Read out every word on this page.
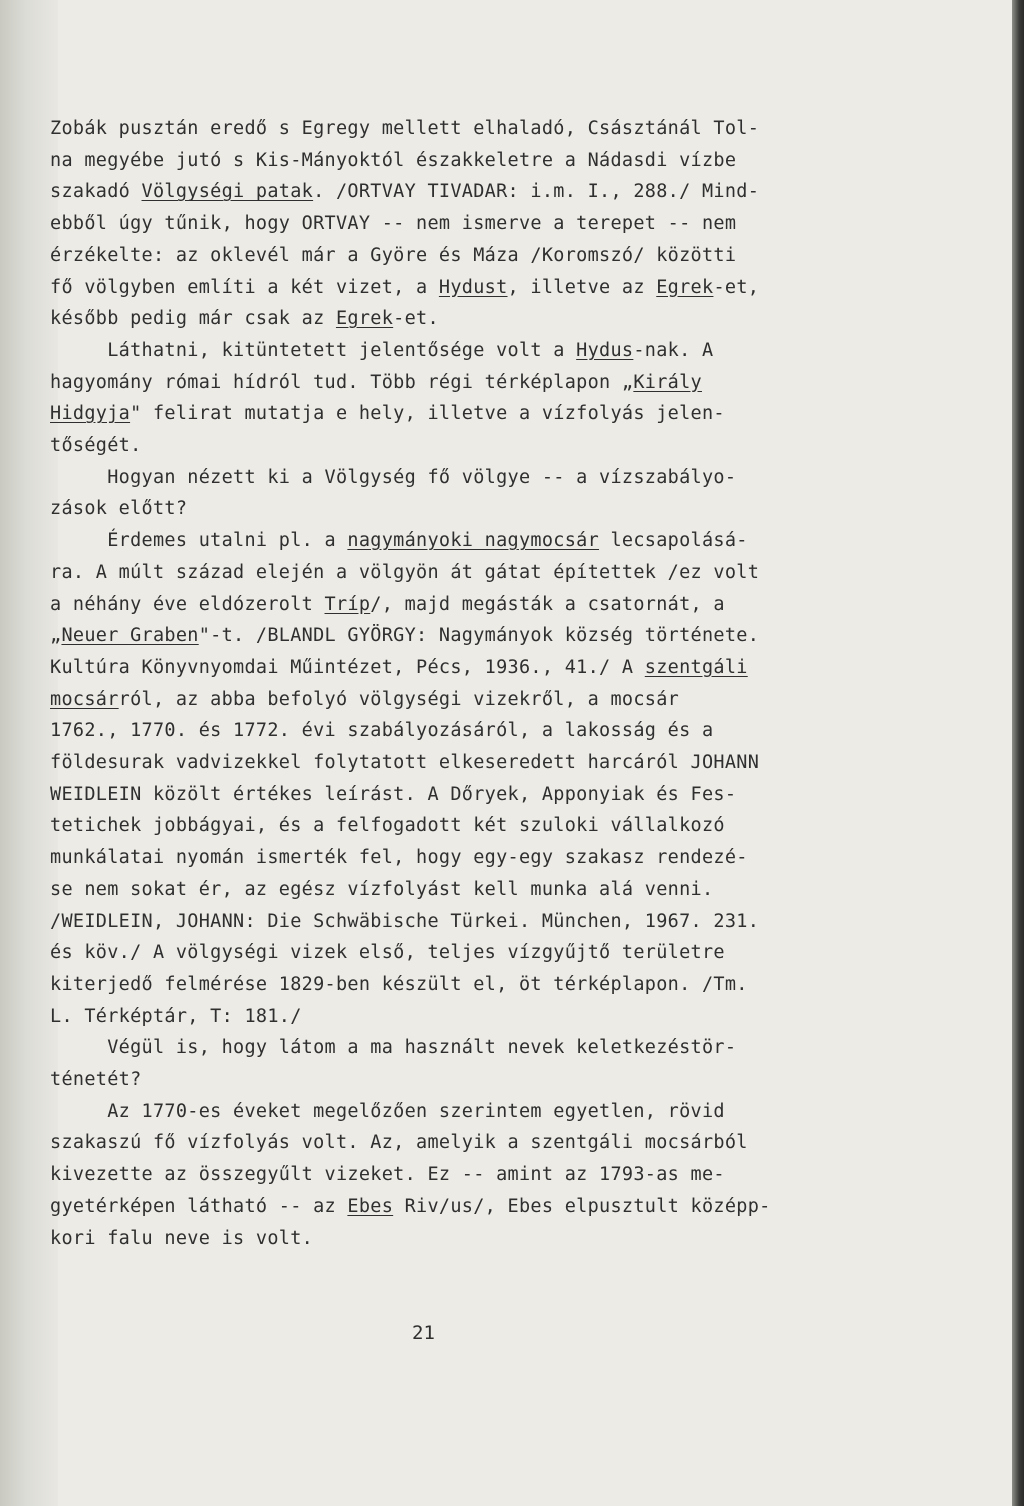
Zobák pusztán eredő s Egregy mellett elhaladó, Császtánál Tol-
na megyébe jutó s Kis-Mányoktól északkeletre a Nádasdi vízbe
szakadó Völgységi patak. /ORTVAY TIVADAR: i.m. I., 288./ Mind-
ebből úgy tűnik, hogy ORTVAY -- nem ismerve a terepet -- nem
érzékelte: az oklevél már a Györe és Máza /Koromszó/ közötti
fő völgyben említi a két vizet, a Hydust, illetve az Egrek-et,
később pedig már csak az Egrek-et.
Láthatni, kitüntetett jelentősége volt a Hydus-nak. A
hagyomány római hídról tud. Több régi térképlapon „Király
Hidgyja" felirat mutatja e hely, illetve a vízfolyás jelen-
tőségét.
Hogyan nézett ki a Völgység fő völgye -- a vízszabályo-
zások előtt?
Érdemes utalni pl. a nagymányoki nagymocsár lecsapolásá-
ra. A múlt század elején a völgyön át gátat építettek /ez volt
a néhány éve eldózerolt Tríp/, majd megásták a csatornát, a
„Neuer Graben"-t. /BLANDL GYÖRGY: Nagymányok község története.
Kultúra Könyvnyomdai Műintézet, Pécs, 1936., 41./ A szentgáli
mocsárról, az abba befolyó völgységi vizekről, a mocsár
1762., 1770. és 1772. évi szabályozásáról, a lakosság és a
földesurak vadvizekkel folytatott elkeseredett harcáról JOHANN
WEIDLEIN közölt értékes leírást. A Dőryek, Apponyiak és Fes-
tetichek jobbágyai, és a felfogadott két szuloki vállalkozó
munkálatai nyomán ismerték fel, hogy egy-egy szakasz rendezé-
se nem sokat ér, az egész vízfolyást kell munka alá venni.
/WEIDLEIN, JOHANN: Die Schwäbische Türkei. München, 1967. 231.
és köv./ A völgységi vizek első, teljes vízgyűjtő területre
kiterjedő felmérése 1829-ben készült el, öt térképlapon. /Tm.
L. Térképtár, T: 181./
Végül is, hogy látom a ma használt nevek keletkezéstör-
ténetét?
Az 1770-es éveket megelőzően szerintem egyetlen, rövid
szakaszú fő vízfolyás volt. Az, amelyik a szentgáli mocsárból
kivezette az összegyűlt vizeket. Ez -- amint az 1793-as me-
gyetérképen látható -- az Ebes Riv/us/, Ebes elpusztult középp-
kori falu neve is volt.
21
